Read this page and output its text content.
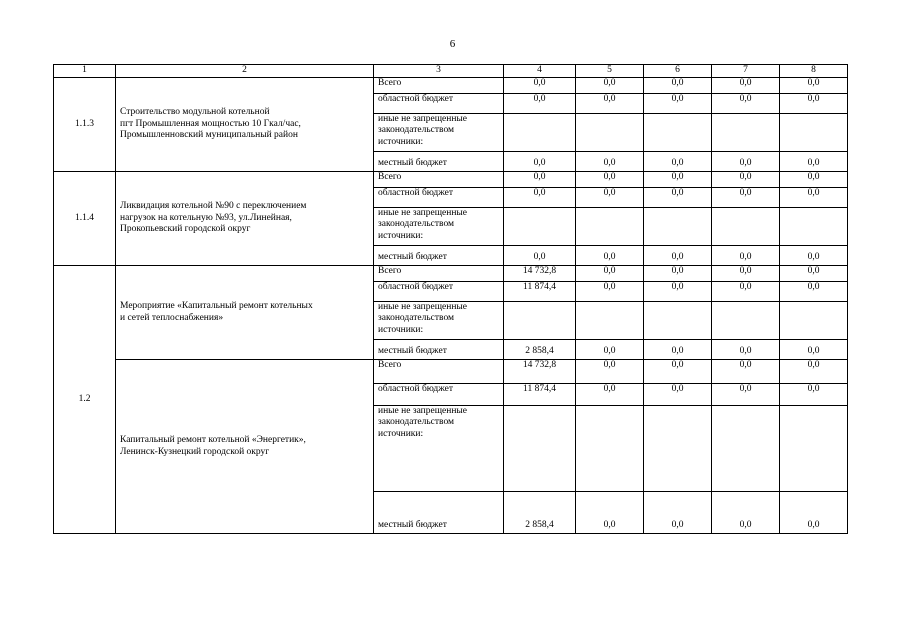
6
1	2	3	4	5	6	7	8
1.1.3	Строительство модульной котельной
пгт Промышленная мощностью 10 Гкал/час,
Промышленновский муниципальный район	Всего	0,0	0,0	0,0	0,0	0,0
		областной бюджет	0,0	0,0	0,0	0,0	0,0
		иные не запрещенные
законодательством
источники:					
		местный бюджет	0,0	0,0	0,0	0,0	0,0
1.1.4	Ликвидация котельной №90 с переключением
нагрузок на котельную №93, ул.Линейная,
Прокопьевский городской округ	Всего	0,0	0,0	0,0	0,0	0,0
		областной бюджет	0,0	0,0	0,0	0,0	0,0
		иные не запрещенные
законодательством
источники:					
		местный бюджет	0,0	0,0	0,0	0,0	0,0
1.2	Мероприятие «Капитальный ремонт котельных
и сетей теплоснабжения»	Всего	14 732,8	0,0	0,0	0,0	0,0
		областной бюджет	11 874,4	0,0	0,0	0,0	0,0
		иные не запрещенные
законодательством
источники:					
		местный бюджет	2 858,4	0,0	0,0	0,0	0,0
	Капитальный ремонт котельной «Энергетик»,
Ленинск-Кузнецкий городской округ	Всего	14 732,8	0,0	0,0	0,0	0,0
		областной бюджет	11 874,4	0,0	0,0	0,0	0,0
		иные не запрещенные
законодательством
источники:					
		местный бюджет	2 858,4	0,0	0,0	0,0	0,0
